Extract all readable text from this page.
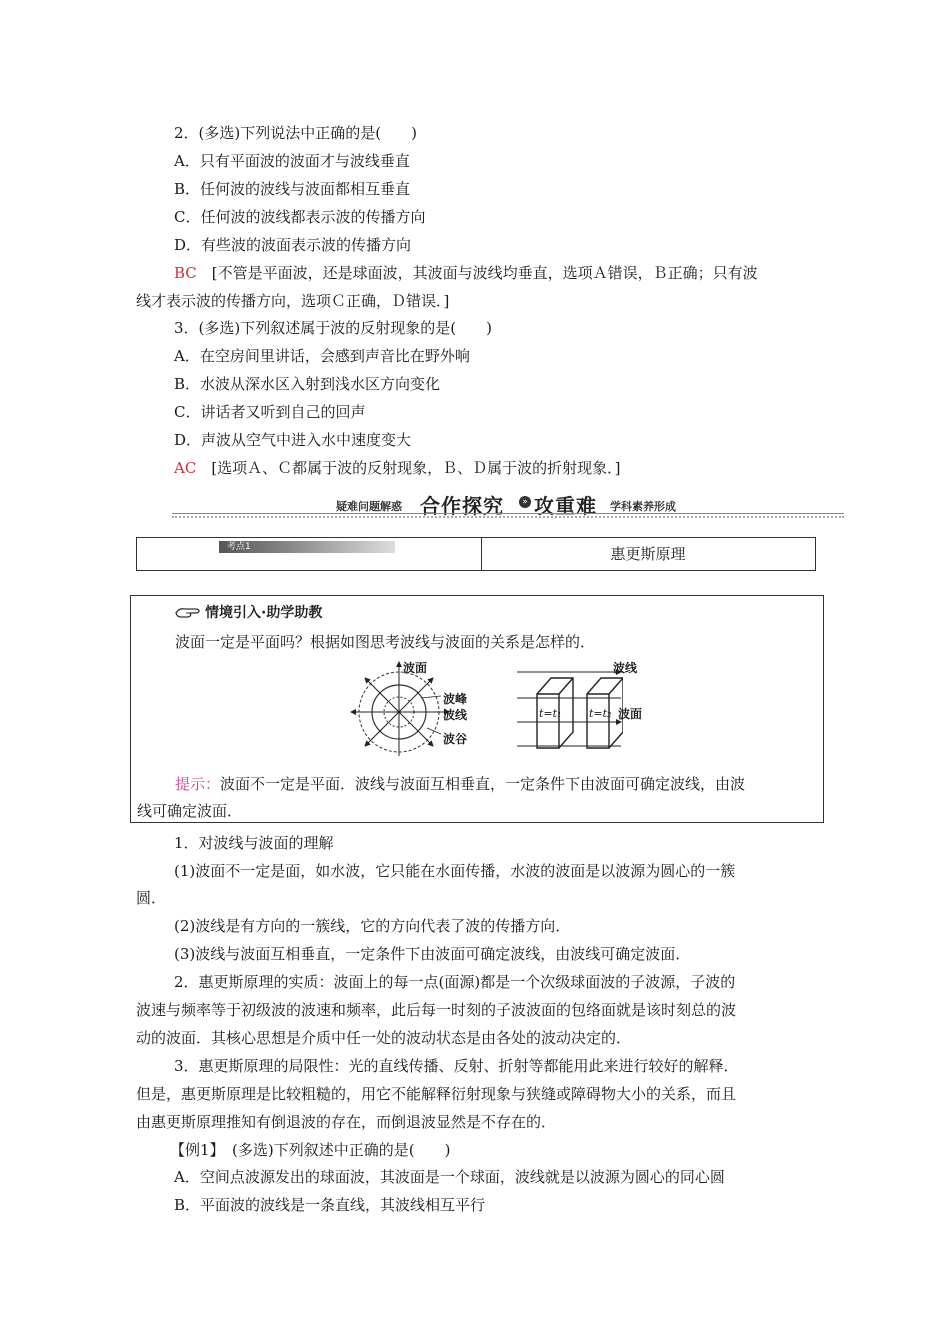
2．(多选)下列说法中正确的是(　　)
A．只有平面波的波面才与波线垂直
B．任何波的波线与波面都相互垂直
C．任何波的波线都表示波的传播方向
D．有些波的波面表示波的传播方向
BC　[不管是平面波，还是球面波，其波面与波线均垂直，选项Ａ错误，Ｂ正确；只有波
线才表示波的传播方向，选项Ｃ正确，Ｄ错误．]
3．(多选)下列叙述属于波的反射现象的是(　　)
A．在空房间里讲话，会感到声音比在野外响
B．水波从深水区入射到浅水区方向变化
C．讲话者又听到自己的回声
D．声波从空气中进入水中速度变大
AC　[选项Ａ、Ｃ都属于波的反射现象，Ｂ、Ｄ属于波的折射现象．]
疑难问题解惑 合作探究	» 攻重难 学科素养形成
考点1	惠更斯原理
情境引入·助学助教
波面一定是平面吗？根据如图思考波线与波面的关系是怎样的．
波面
波峰
波线
波谷
波线
波面
t=t₁	t=t₂
提示：波面不一定是平面．波线与波面互相垂直，一定条件下由波面可确定波线，由波
线可确定波面．
1．对波线与波面的理解
(1)波面不一定是面，如水波，它只能在水面传播，水波的波面是以波源为圆心的一簇
圆．
(2)波线是有方向的一簇线，它的方向代表了波的传播方向．
(3)波线与波面互相垂直，一定条件下由波面可确定波线，由波线可确定波面．
2．惠更斯原理的实质：波面上的每一点(面源)都是一个次级球面波的子波源，子波的
波速与频率等于初级波的波速和频率，此后每一时刻的子波波面的包络面就是该时刻总的波
动的波面．其核心思想是介质中任一处的波动状态是由各处的波动决定的．
3．惠更斯原理的局限性：光的直线传播、反射、折射等都能用此来进行较好的解释．
但是，惠更斯原理是比较粗糙的，用它不能解释衍射现象与狭缝或障碍物大小的关系，而且
由惠更斯原理推知有倒退波的存在，而倒退波显然是不存在的．
【例1】　(多选)下列叙述中正确的是(　　)
A．空间点波源发出的球面波，其波面是一个球面，波线就是以波源为圆心的同心圆
B．平面波的波线是一条直线，其波线相互平行
